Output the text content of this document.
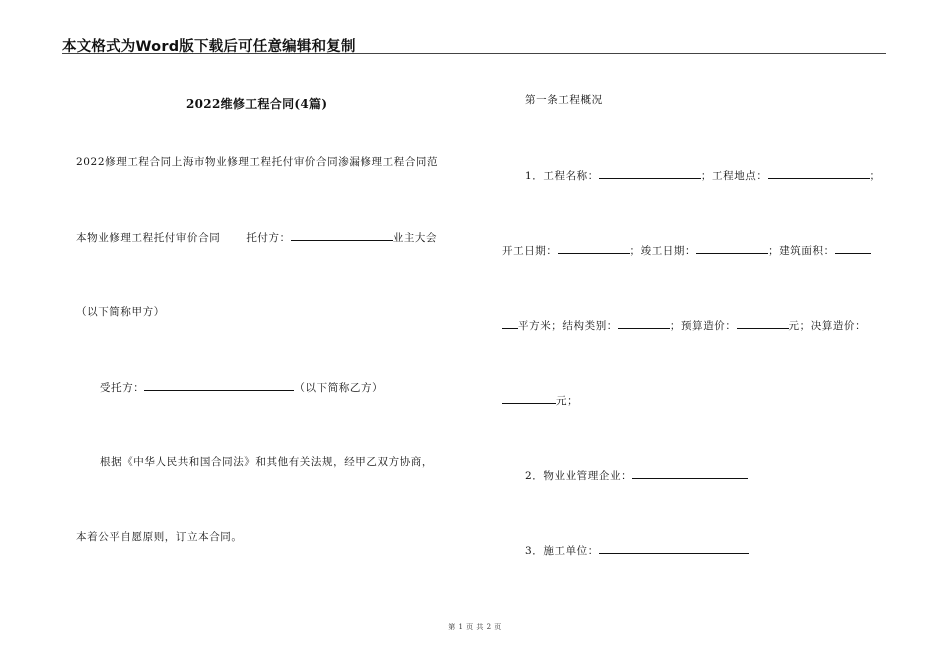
本文格式为Word版下载后可任意编辑和复制
2022维修工程合同(4篇)
2022修理工程合同上海市物业修理工程托付审价合同渗漏修理工程合同范
本物业修理工程托付审价合同 托付方：	业主大会
（以下简称甲方）
受托方：	（以下简称乙方）
根据《中华人民共和国合同法》和其他有关法规，经甲乙双方协商，
本着公平自愿原则，订立本合同。
第一条工程概况
1．工程名称：	；工程地点：	；
开工日期：	；竣工日期：	；建筑面积：
平方米；结构类别：	；预算造价：	元；决算造价：
元；
2．物业业管理企业：
3．施工单位：
第 1 页 共 2 页
